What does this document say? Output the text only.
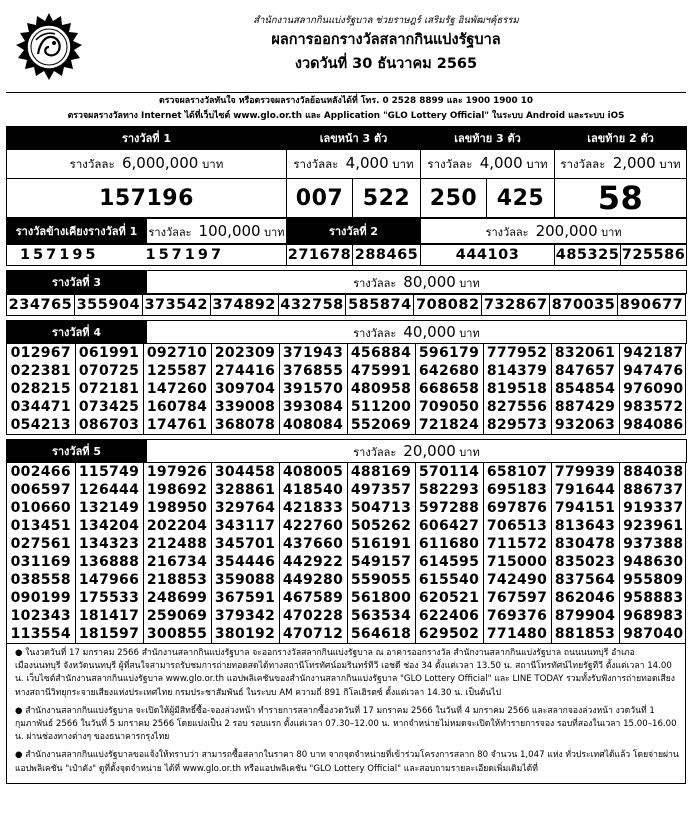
สำนักงานสลากกินแบ่งรัฐบาล ช่วยราษฎร์ เสริมรัฐ อินพัฒฯคุ้ธรรม
ผลการออกรางวัลสลากกินแบ่งรัฐบาล
งวดวันที่ 30 ธันวาคม 2565
ตรวจผลรางวัลทันใจ หรือตรวจผลรางวัลย้อนหลังได้ที่ โทร. 0 2528 8899 และ 1900 1900 10
ตรวจผลรางวัลทาง Internet ได้ที่เว็บไซต์ www.glo.or.th และ Application "GLO Lottery Official" ในระบบ Android และระบบ iOS
รางวัลที่ 1	เลขหน้า 3 ตัว		เลขท้าย 3 ตัว		เลขท้าย 2 ตัว
รางวัลละ 6,000,000 บาท	รางวัลละ 4,000 บาท		รางวัลละ 4,000 บาท		รางวัลละ 2,000 บาท
157196	007	522	250	425	58
รางวัลข้างเคียงรางวัลที่ 1	รางวัลละ 100,000 บาท	รางวัลที่ 2	รางวัลละ 200,000 บาท
157195	157197	271678	288465	444103	485325	725586
รางวัลที่ 3	รางวัลละ 80,000 บาท
234765	355904	373542	374892	432758	585874	708082	732867	870035	890677
รางวัลที่ 4	รางวัลละ 40,000 บาท
012967	061991	092710	202309	371943	456884	596179	777952	832061	942187
022381	070725	125587	274416	376855	475991	642680	814379	847657	947476
028215	072181	147260	309704	391570	480958	668658	819518	854854	976090
034471	073425	160784	339008	393084	511200	709050	827556	887429	983572
054213	086703	174761	368078	408084	552069	721824	829573	932063	984086
รางวัลที่ 5	รางวัลละ 20,000 บาท
002466	115749	197926	304458	408005	488169	570114	658107	779939	884038
006597	126444	198692	328861	418540	497357	582293	695183	791644	886737
010660	132149	198950	329764	421833	504713	597288	697876	794151	919337
013451	134204	202204	343117	422760	505262	606427	706513	813643	923961
027561	134323	212488	345701	437660	516191	611680	711572	830478	937388
031169	136888	216734	354446	442922	549157	614595	715000	835023	948630
038558	147966	218853	359088	449280	559055	615540	742490	837564	955809
090199	175533	248699	367591	467589	561800	620521	767597	862046	958883
102343	181417	259069	379342	470228	563534	622406	769376	879904	968983
113554	181597	300855	380192	470712	564618	629502	771480	881853	987040

● ในงวดวันที่ 17 มกราคม 2566 สำนักงานสลากกินแบ่งรัฐบาล จะออกรางวัลสลากกินแบ่งรัฐบาล ณ อาคารออกรางวัล สำนักงานสลากกินแบ่งรัฐบาล ถนนนนทบุรี อำเภอเมืองนนทบุรี จังหวัดนนทบุรี ผู้ที่สนใจสามารถรับชมการถ่ายทอดสดได้ทางสถานีโทรทัศน์อมรินทร์ทีวี เอชดี ช่อง 34 ตั้งแต่เวลา 13.50 น. สถานีโทรทัศน์ไทยรัฐทีวี ตั้งแต่เวลา 14.00 น. เว็บไซต์สำนักงานสลากกินแบ่งรัฐบาล www.glo.or.th แอปพลิเคชันของสำนักงานสลากกินแบ่งรัฐบาล "GLO Lottery Official" และ LINE TODAY รวมทั้งรับฟังการถ่ายทอดเสียงทางสถานีวิทยุกระจายเสียงแห่งประเทศไทย กรมประชาสัมพันธ์ ในระบบ AM ความถี่ 891 กิโลเฮิรตซ์ ตั้งแต่เวลา 14.30 น. เป็นต้นไป

● สำนักงานสลากกินแบ่งรัฐบาล จะเปิดให้ผู้มีสิทธิ์ซื้อ-จองล่วงหน้า ทำรายการสลากซื้องวดวันที่ 17 มกราคม 2566 ในวันที่ 4 มกราคม 2566 และสลากจองล่วงหน้า งวดวันที่ 1 กุมภาพันธ์ 2566 ในวันที่ 5 มกราคม 2566 โดยแบ่งเป็น 2 รอบ รอบแรก ตั้งแต่เวลา 07.30–12.00 น. หากจำหน่ายไม่หมดจะเปิดให้ทำรายการจอง รอบที่สองในเวลา 15.00–16.00 น. ผ่านช่องทางต่างๆ ของธนาคารกรุงไทย

● สำนักงานสลากกินแบ่งรัฐบาลขอแจ้งให้ทราบว่า สามารถซื้อสลากในราคา 80 บาท จากจุดจำหน่ายที่เข้าร่วมโครงการสลาก 80 จำนวน 1,047 แห่ง ทั่วประเทศได้แล้ว โดยจ่ายผ่านแอปพลิเคชัน "เป๋าตัง" ดูที่ตั้งจุดจำหน่าย ได้ที่ www.glo.or.th หรือแอปพลิเคชัน "GLO Lottery Official" และสอบถามรายละเอียดเพิ่มเติมได้ที่
